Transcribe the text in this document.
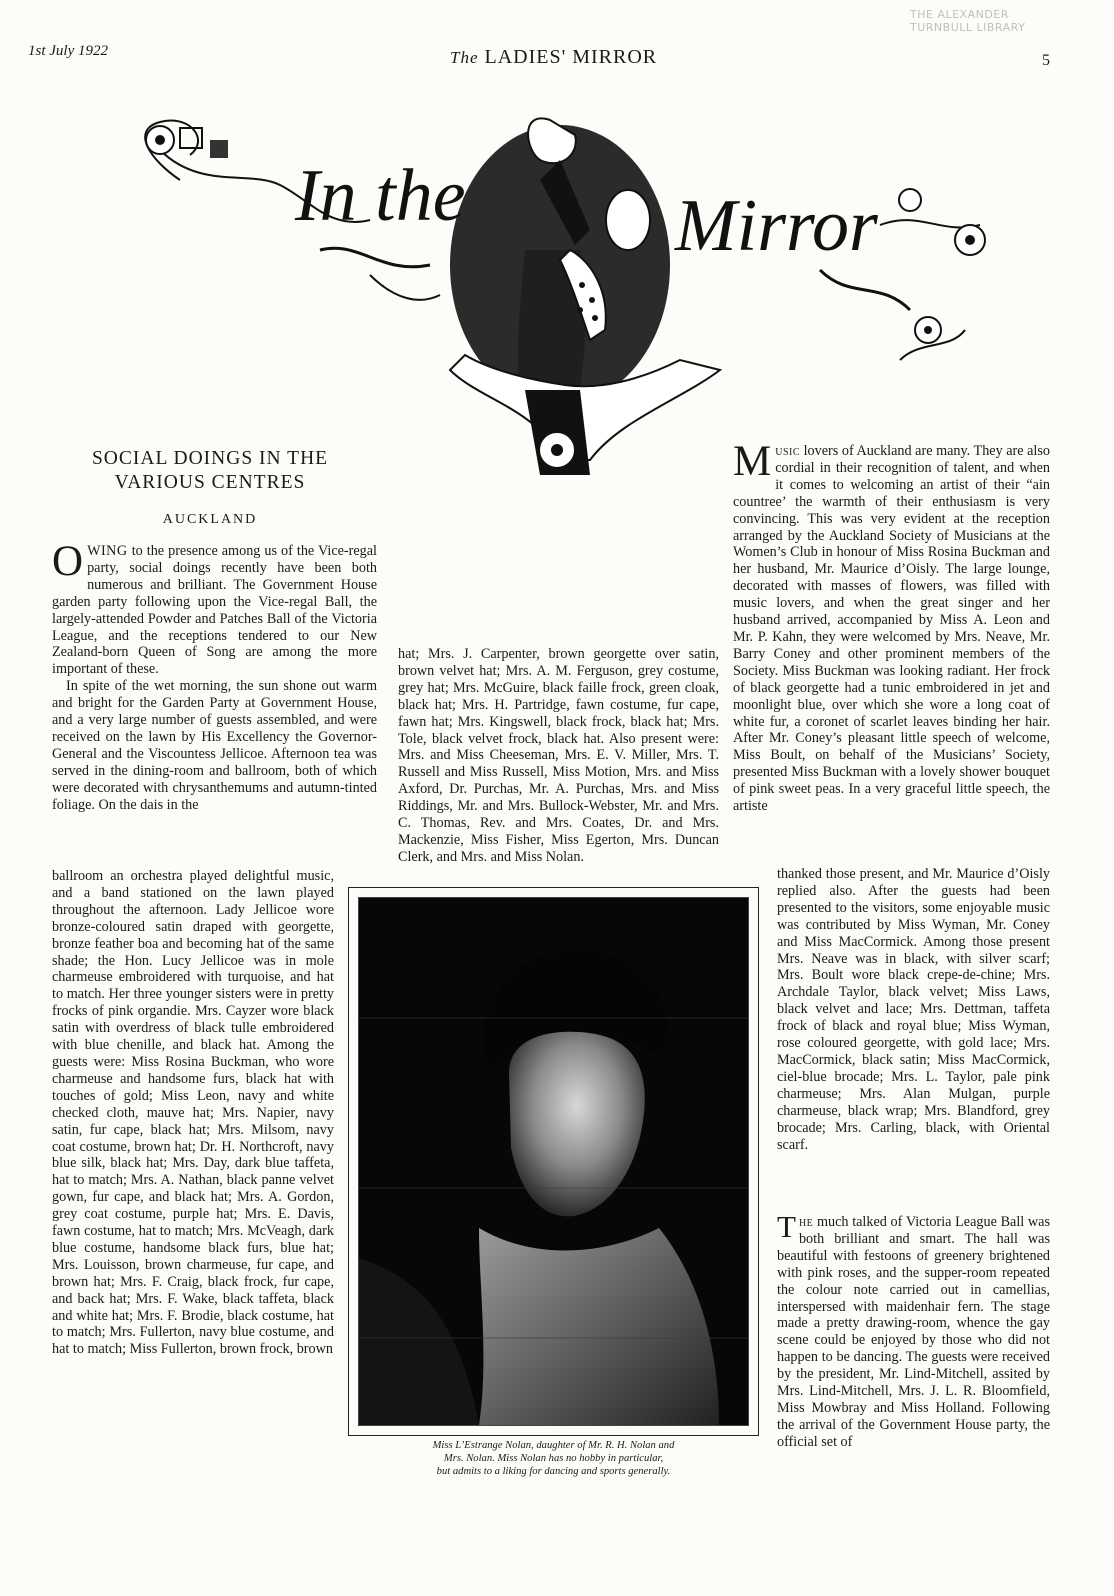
1st July 1922	The LADIES' MIRROR	5
THE ALEXANDER
TURNBULL LIBRARY
In the	Mirror
SOCIAL DOINGS IN THE
VARIOUS CENTRES
AUCKLAND

OWING to the presence among us of the Vice-regal party, social doings recently have been both numerous and brilliant. The Government House garden party following upon the Vice-regal Ball, the largely-attended Powder and Patches Ball of the Victoria League, and the receptions tendered to our New Zealand-born Queen of Song are among the more important of these.

In spite of the wet morning, the sun shone out warm and bright for the Garden Party at Government House, and a very large number of guests assembled, and were received on the lawn by His Excellency the Governor-General and the Viscountess Jellicoe. Afternoon tea was served in the dining-room and ballroom, both of which were decorated with chrysanthemums and autumn-tinted foliage. On the dais in the

ballroom an orchestra played delightful music, and a band stationed on the lawn played throughout the afternoon. Lady Jellicoe wore bronze-coloured satin draped with georgette, bronze feather boa and becoming hat of the same shade; the Hon. Lucy Jellicoe was in mole charmeuse embroidered with turquoise, and hat to match. Her three younger sisters were in pretty frocks of pink organdie. Mrs. Cayzer wore black satin with overdress of black tulle embroidered with blue chenille, and black hat. Among the guests were: Miss Rosina Buckman, who wore charmeuse and handsome furs, black hat with touches of gold; Miss Leon, navy and white checked cloth, mauve hat; Mrs. Napier, navy satin, fur cape, black hat; Mrs. Milsom, navy coat costume, brown hat; Dr. H. Northcroft, navy blue silk, black hat; Mrs. Day, dark blue taffeta, hat to match; Mrs. A. Nathan, black panne velvet gown, fur cape, and black hat; Mrs. A. Gordon, grey coat costume, purple hat; Mrs. E. Davis, fawn costume, hat to match; Mrs. McVeagh, dark blue costume, handsome black furs, blue hat; Mrs. Louisson, brown charmeuse, fur cape, and brown hat; Mrs. F. Craig, black frock, fur cape, and back hat; Mrs. F. Wake, black taffeta, black and white hat; Mrs. F. Brodie, black costume, hat to match; Mrs. Fullerton, navy blue costume, and hat to match; Miss Fullerton, brown frock, brown

hat; Mrs. J. Carpenter, brown georgette over satin, brown velvet hat; Mrs. A. M. Ferguson, grey costume, grey hat; Mrs. McGuire, black faille frock, green cloak, black hat; Mrs. H. Partridge, fawn costume, fur cape, fawn hat; Mrs. Kingswell, black frock, black hat; Mrs. Tole, black velvet frock, black hat. Also present were: Mrs. and Miss Cheeseman, Mrs. E. V. Miller, Mrs. T. Russell and Miss Russell, Miss Motion, Mrs. and Miss Axford, Dr. Purchas, Mr. A. Purchas, Mrs. and Miss Riddings, Mr. and Mrs. Bullock-Webster, Mr. and Mrs. C. Thomas, Rev. and Mrs. Coates, Dr. and Mrs. Mackenzie, Miss Fisher, Miss Egerton, Mrs. Duncan Clerk, and Mrs. and Miss Nolan.

Music lovers of Auckland are many. They are also cordial in their recognition of talent, and when it comes to welcoming an artist of their “ain countree’ the warmth of their enthusiasm is very convincing. This was very evident at the reception arranged by the Auckland Society of Musicians at the Women’s Club in honour of Miss Rosina Buckman and her husband, Mr. Maurice d’Oisly. The large lounge, decorated with masses of flowers, was filled with music lovers, and when the great singer and her husband arrived, accompanied by Miss A. Leon and Mr. P. Kahn, they were welcomed by Mrs. Neave, Mr. Barry Coney and other prominent members of the Society. Miss Buckman was looking radiant. Her frock of black georgette had a tunic embroidered in jet and moonlight blue, over which she wore a long coat of white fur, a coronet of scarlet leaves binding her hair. After Mr. Coney’s pleasant little speech of welcome, Miss Boult, on behalf of the Musicians’ Society, presented Miss Buckman with a lovely shower bouquet of pink sweet peas. In a very graceful little speech, the artiste

thanked those present, and Mr. Maurice d’Oisly replied also. After the guests had been presented to the visitors, some enjoyable music was contributed by Miss Wyman, Mr. Coney and Miss MacCormick. Among those present Mrs. Neave was in black, with silver scarf; Mrs. Boult wore black crepe-de-chine; Mrs. Archdale Taylor, black velvet; Miss Laws, black velvet and lace; Mrs. Dettman, taffeta frock of black and royal blue; Miss Wyman, rose coloured georgette, with gold lace; Mrs. MacCormick, black satin; Miss MacCormick, ciel-blue brocade; Mrs. L. Taylor, pale pink charmeuse; Mrs. Alan Mulgan, purple charmeuse, black wrap; Mrs. Blandford, grey brocade; Mrs. Carling, black, with Oriental scarf.

The much talked of Victoria League Ball was both brilliant and smart. The hall was beautiful with festoons of greenery brightened with pink roses, and the supper-room repeated the colour note carried out in camellias, interspersed with maidenhair fern. The stage made a pretty drawing-room, whence the gay scene could be enjoyed by those who did not happen to be dancing. The guests were received by the president, Mr. Lind-Mitchell, assited by Mrs. Lind-Mitchell, Mrs. J. L. R. Bloomfield, Miss Mowbray and Miss Holland. Following the arrival of the Government House party, the official set of

Miss L’Estrange Nolan, daughter of Mr. R. H. Nolan and
Mrs. Nolan. Miss Nolan has no hobby in particular,
but admits to a liking for dancing and sports generally.
